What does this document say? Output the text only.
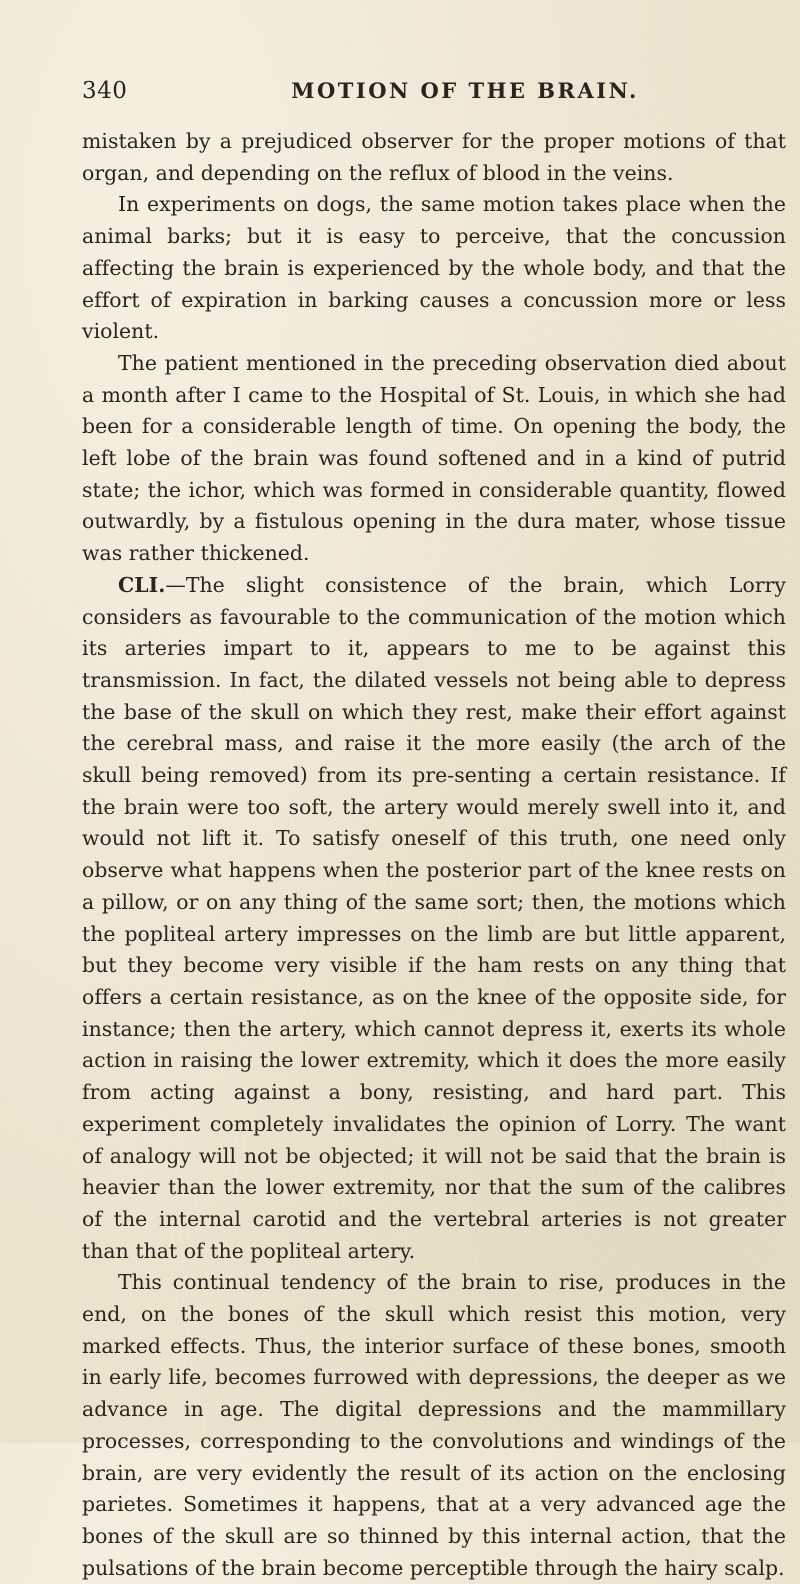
340	MOTION OF THE BRAIN.

mistaken by a prejudiced observer for the proper motions of that organ, and depending on the reflux of blood in the veins.

In experiments on dogs, the same motion takes place when the animal barks; but it is easy to perceive, that the concussion affecting the brain is experienced by the whole body, and that the effort of expiration in barking causes a concussion more or less violent.

The patient mentioned in the preceding observation died about a month after I came to the Hospital of St. Louis, in which she had been for a considerable length of time. On opening the body, the left lobe of the brain was found softened and in a kind of putrid state; the ichor, which was formed in considerable quantity, flowed outwardly, by a fistulous opening in the dura mater, whose tissue was rather thickened.

CLI.—The slight consistence of the brain, which Lorry considers as favourable to the communication of the motion which its arteries impart to it, appears to me to be against this transmission. In fact, the dilated vessels not being able to depress the base of the skull on which they rest, make their effort against the cerebral mass, and raise it the more easily (the arch of the skull being removed) from its pre-senting a certain resistance. If the brain were too soft, the artery would merely swell into it, and would not lift it. To satisfy oneself of this truth, one need only observe what happens when the posterior part of the knee rests on a pillow, or on any thing of the same sort; then, the motions which the popliteal artery impresses on the limb are but little apparent, but they become very visible if the ham rests on any thing that offers a certain resistance, as on the knee of the opposite side, for instance; then the artery, which cannot depress it, exerts its whole action in raising the lower extremity, which it does the more easily from acting against a bony, resisting, and hard part. This experiment completely invalidates the opinion of Lorry. The want of analogy will not be objected; it will not be said that the brain is heavier than the lower extremity, nor that the sum of the calibres of the internal carotid and the vertebral arteries is not greater than that of the popliteal artery.

This continual tendency of the brain to rise, produces in the end, on the bones of the skull which resist this motion, very marked effects. Thus, the interior surface of these bones, smooth in early life, becomes furrowed with depressions, the deeper as we advance in age. The digital depressions and the mammillary processes, corresponding to the convolutions and windings of the brain, are very evidently the result of its action on the enclosing parietes. Sometimes it happens, that at a very advanced age the bones of the skull are so thinned by this internal action, that the pulsations of the brain become perceptible through the hairy scalp.
